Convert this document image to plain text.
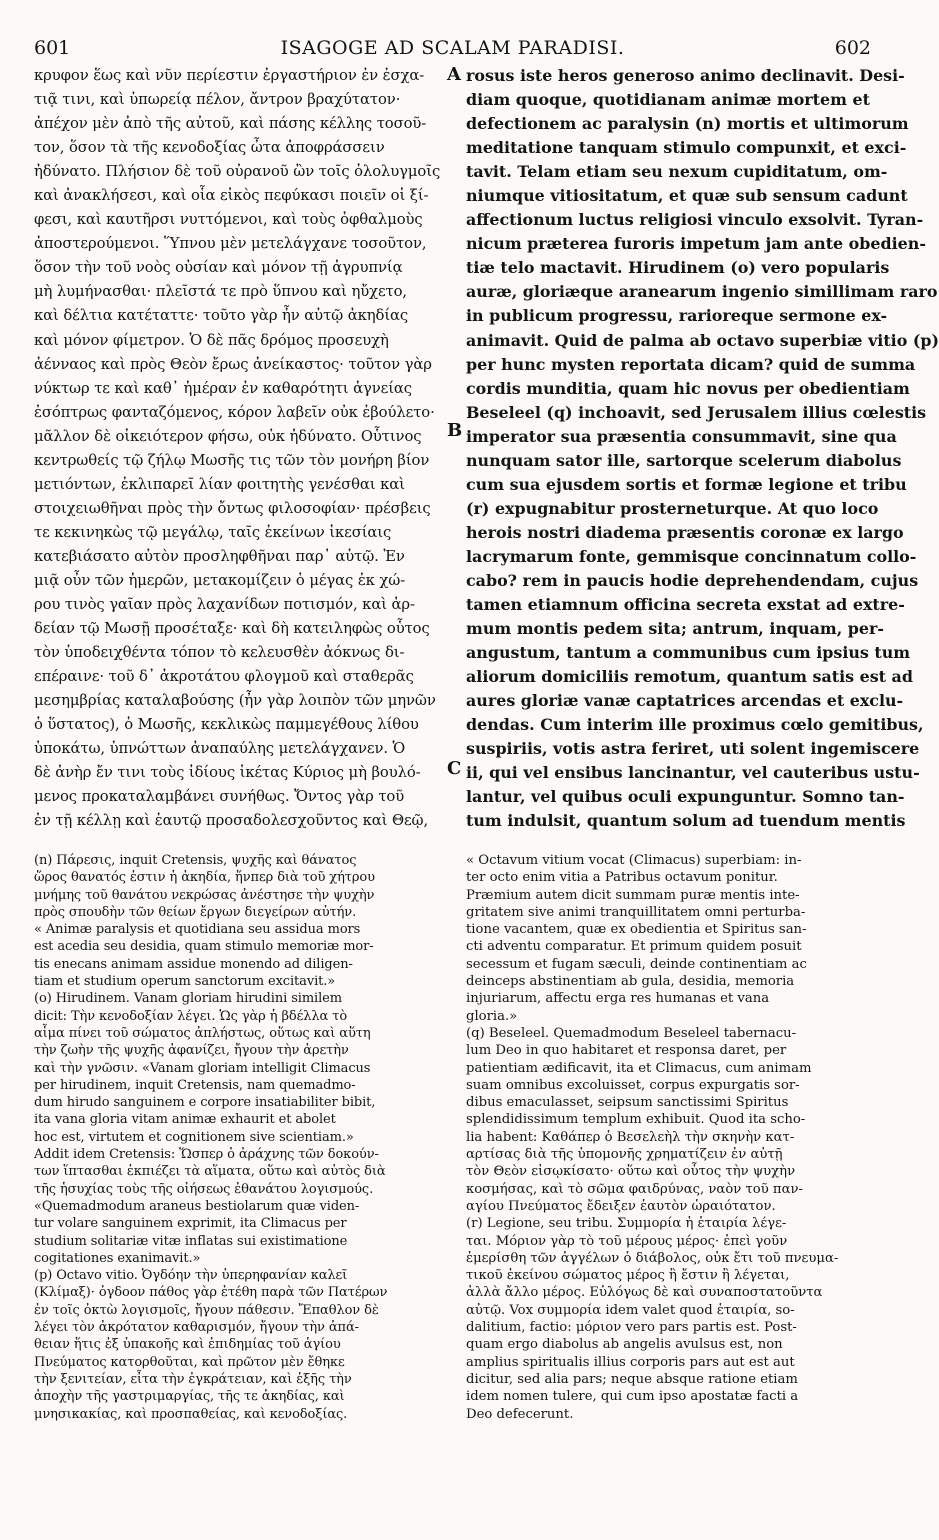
601	ISAGOGE AD SCALAM PARADISI.	602
κρυφον ἕως καὶ νῦν περίεστιν ἐργαστήριον ἐν ἐσχα-
τιᾷ τινι, καὶ ὑπωρείᾳ πέλον, ἄντρον βραχύτατον·
ἀπέχον μὲν ἀπὸ τῆς αὐτοῦ, καὶ πάσης κέλλης τοσοῦ-
τον, ὅσον τὰ τῆς κενοδοξίας ὦτα ἀποφράσσειν
ἠδύνατο. Πλήσιον δὲ τοῦ οὐρανοῦ ὢν τοῖς ὀλολυγμοῖς
καὶ ἀνακλήσεσι, καὶ οἷα εἰκὸς πεφύκασι ποιεῖν οἱ ξί-
φεσι, καὶ καυτῆρσι νυττόμενοι, καὶ τοὺς ὀφθαλμοὺς
ἀποστερούμενοι. Ὕπνου μὲν μετελάγχανε τοσοῦτον,
ὅσον τὴν τοῦ νοὸς οὐσίαν καὶ μόνον τῇ ἀγρυπνίᾳ
μὴ λυμήνασθαι· πλεῖστά τε πρὸ ὕπνου καὶ ηὔχετο,
καὶ δέλτια κατέταττε· τοῦτο γὰρ ἦν αὐτῷ ἀκηδίας
καὶ μόνον φίμετρον. Ὁ δὲ πᾶς δρόμος προσευχὴ
ἀένναος καὶ πρὸς Θεὸν ἔρως ἀνείκαστος· τοῦτον γὰρ
νύκτωρ τε καὶ καθ᾽ ἡμέραν ἐν καθαρότητι ἁγνείας
ἐσόπτρως φανταζόμενος, κόρον λαβεῖν οὐκ ἐβούλετο·
μᾶλλον δὲ οἰκειότερον φήσω, οὐκ ἠδύνατο. Οὗτινος
κεντρωθείς τῷ ζήλῳ Μωσῆς τις τῶν τὸν μονήρη βίον
μετιόντων, ἐκλιπαρεῖ λίαν φοιτητὴς γενέσθαι καὶ
στοιχειωθῆναι πρὸς τὴν ὄντως φιλοσοφίαν· πρέσβεις
τε κεκινηκὼς τῷ μεγάλῳ, ταῖς ἐκείνων ἱκεσίαις
κατεβιάσατο αὐτὸν προσληφθῆναι παρ᾽ αὐτῷ. Ἐν
μιᾷ οὖν τῶν ἡμερῶν, μετακομίζειν ὁ μέγας ἐκ χώ-
ρου τινὸς γαῖαν πρὸς λαχανίδων ποτισμόν, καὶ ἀρ-
δείαν τῷ Μωσῇ προσέταξε· καὶ δὴ κατειληφὼς οὗτος
τὸν ὑποδειχθέντα τόπον τὸ κελευσθὲν ἀόκνως δι-
επέραινε· τοῦ δ᾽ ἀκροτάτου φλογμοῦ καὶ σταθερᾶς
μεσημβρίας καταλαβούσης (ἦν γὰρ λοιπὸν τῶν μηνῶν
ὁ ὕστατος), ὁ Μωσῆς, κεκλικὼς παμμεγέθους λίθου
ὑποκάτω, ὑπνώττων ἀναπαύλης μετελάγχανεν. Ὁ
δὲ ἀνὴρ ἔν τινι τοὺς ἰδίους ἱκέτας Κύριος μὴ βουλό-
μενος προκαταλαμβάνει συνήθως. Ὄντος γὰρ τοῦ
ἐν τῇ κέλλῃ καὶ ἑαυτῷ προσαδολεσχοῦντος καὶ Θεῷ,
A
B
C
rosus iste heros generoso animo declinavit. Desi-
diam quoque, quotidianam animæ mortem et
defectionem ac paralysin (n) mortis et ultimorum
meditatione tanquam stimulo compunxit, et exci-
tavit. Telam etiam seu nexum cupiditatum, om-
niumque vitiositatum, et quæ sub sensum cadunt
affectionum luctus religiosi vinculo exsolvit. Tyran-
nicum præterea furoris impetum jam ante obedien-
tiæ telo mactavit. Hirudinem (o) vero popularis
auræ, gloriæque aranearum ingenio simillimam raro
in publicum progressu, rarioreque sermone ex-
animavit. Quid de palma ab octavo superbiæ vitio (p)
per hunc mysten reportata dicam? quid de summa
cordis munditia, quam hic novus per obedientiam
Beseleel (q) inchoavit, sed Jerusalem illius cœlestis
imperator sua præsentia consummavit, sine qua
nunquam sator ille, sartorque scelerum diabolus
cum sua ejusdem sortis et formæ legione et tribu
(r) expugnabitur prosterneturque. At quo loco
herois nostri diadema præsentis coronæ ex largo
lacrymarum fonte, gemmisque concinnatum collo-
cabo? rem in paucis hodie deprehendendam, cujus
tamen etiamnum officina secreta exstat ad extre-
mum montis pedem sita; antrum, inquam, per-
angustum, tantum a communibus cum ipsius tum
aliorum domiciliis remotum, quantum satis est ad
aures gloriæ vanæ captatrices arcendas et exclu-
dendas. Cum interim ille proximus cœlo gemitibus,
suspiriis, votis astra feriret, uti solent ingemiscere
ii, qui vel ensibus lancinantur, vel cauteribus ustu-
lantur, vel quibus oculi expunguntur. Somno tan-
tum indulsit, quantum solum ad tuendum mentis
(n) Πάρεσις, inquit Cretensis, ψυχῆς καὶ θάνατος
ὥρος θανατός ἐστιν ἡ ἀκηδία, ἥνπερ διὰ τοῦ χήτρου
μνήμης τοῦ θανάτου νεκρώσας ἀνέστησε τὴν ψυχὴν
πρὸς σπουδὴν τῶν θείων ἔργων διεγείρων αὐτήν.
« Animæ paralysis et quotidiana seu assidua mors
est acedia seu desidia, quam stimulo memoriæ mor-
tis enecans animam assidue monendo ad diligen-
tiam et studium operum sanctorum excitavit.»
(o) Hirudinem. Vanam gloriam hirudini similem
dicit: Τὴν κενοδοξίαν λέγει. Ὡς γὰρ ἡ βδέλλα τὸ
αἷμα πίνει τοῦ σώματος ἀπλήστως, οὕτως καὶ αὕτη
τὴν ζωὴν τῆς ψυχῆς ἀφανίζει, ἤγουν τὴν ἀρετὴν
καὶ τὴν γνῶσιν. «Vanam gloriam intelligit Climacus
per hirudinem, inquit Cretensis, nam quemadmo-
dum hirudo sanguinem e corpore insatiabiliter bibit,
ita vana gloria vitam animæ exhaurit et abolet
hoc est, virtutem et cognitionem sive scientiam.»
Addit idem Cretensis: Ὥσπερ ὁ ἀράχνης τῶν δοκούν-
των ἵπτασθαι ἐκπιέζει τὰ αἵματα, οὕτω καὶ αὐτὸς διὰ
τῆς ἡσυχίας τοὺς τῆς οἰήσεως ἐθανάτου λογισμούς.
«Quemadmodum araneus bestiolarum quæ viden-
tur volare sanguinem exprimit, ita Climacus per
studium solitariæ vitæ inflatas sui existimatione
cogitationes exanimavit.»
(p) Octavo vitio. Ὀγδόην τὴν ὑπερηφανίαν καλεῖ
(Κλίμαξ)· ὀγδοον πάθος γὰρ ἐτέθη παρὰ τῶν Πατέρων
ἐν τοῖς ὀκτὼ λογισμοῖς, ἤγουν πάθεσιν. Ἔπαθλον δὲ
λέγει τὸν ἀκρότατον καθαρισμόν, ἤγουν τὴν ἀπά-
θειαν ἥτις ἐξ ὑπακοῆς καὶ ἐπιδημίας τοῦ ἁγίου
Πνεύματος κατορθοῦται, καὶ πρῶτον μὲν ἔθηκε
τὴν ξενιτείαν, εἶτα τὴν ἐγκράτειαν, καὶ ἑξῆς τὴν
ἀποχὴν τῆς γαστριμαργίας, τῆς τε ἀκηδίας, καὶ
μνησικακίας, καὶ προσπαθείας, καὶ κενοδοξίας.
« Octavum vitium vocat (Climacus) superbiam: in-
ter octo enim vitia a Patribus octavum ponitur.
Præmium autem dicit summam puræ mentis inte-
gritatem sive animi tranquillitatem omni perturba-
tione vacantem, quæ ex obedientia et Spiritus san-
cti adventu comparatur. Et primum quidem posuit
secessum et fugam sæculi, deinde continentiam ac
deinceps abstinentiam ab gula, desidia, memoria
injuriarum, affectu erga res humanas et vana
gloria.»
(q) Beseleel. Quemadmodum Beseleel tabernacu-
lum Deo in quo habitaret et responsa daret, per
patientiam ædificavit, ita et Climacus, cum animam
suam omnibus excoluisset, corpus expurgatis sor-
dibus emaculasset, seipsum sanctissimi Spiritus
splendidissimum templum exhibuit. Quod ita scho-
lia habent: Καθάπερ ὁ Βεσελεὴλ τὴν σκηνὴν κατ-
αρτίσας διὰ τῆς ὑπομονῆς χρηματίζειν ἐν αὐτῇ
τὸν Θεὸν εἰσῳκίσατο· οὕτω καὶ οὗτος τὴν ψυχὴν
κοσμήσας, καὶ τὸ σῶμα φαιδρύνας, ναὸν τοῦ παν-
αγίου Πνεύματος ἔδειξεν ἑαυτὸν ὡραιότατον.
(r) Legione, seu tribu. Συμμορία ἡ ἑταιρία λέγε-
ται. Μόριον γὰρ τὸ τοῦ μέρους μέρος· ἐπεὶ γοῦν
ἐμερίσθη τῶν ἀγγέλων ὁ διάβολος, οὐκ ἔτι τοῦ πνευμα-
τικοῦ ἐκείνου σώματος μέρος ἢ ἔστιν ἢ λέγεται,
ἀλλὰ ἄλλο μέρος. Εὐλόγως δὲ καὶ συναποστατοῦντα
αὐτῷ. Vox συμμορία idem valet quod ἑταιρία, so-
dalitium, factio: μόριον vero pars partis est. Post-
quam ergo diabolus ab angelis avulsus est, non
amplius spiritualis illius corporis pars aut est aut
dicitur, sed alia pars; neque absque ratione etiam
idem nomen tulere, qui cum ipso apostatæ facti a
Deo defecerunt.
